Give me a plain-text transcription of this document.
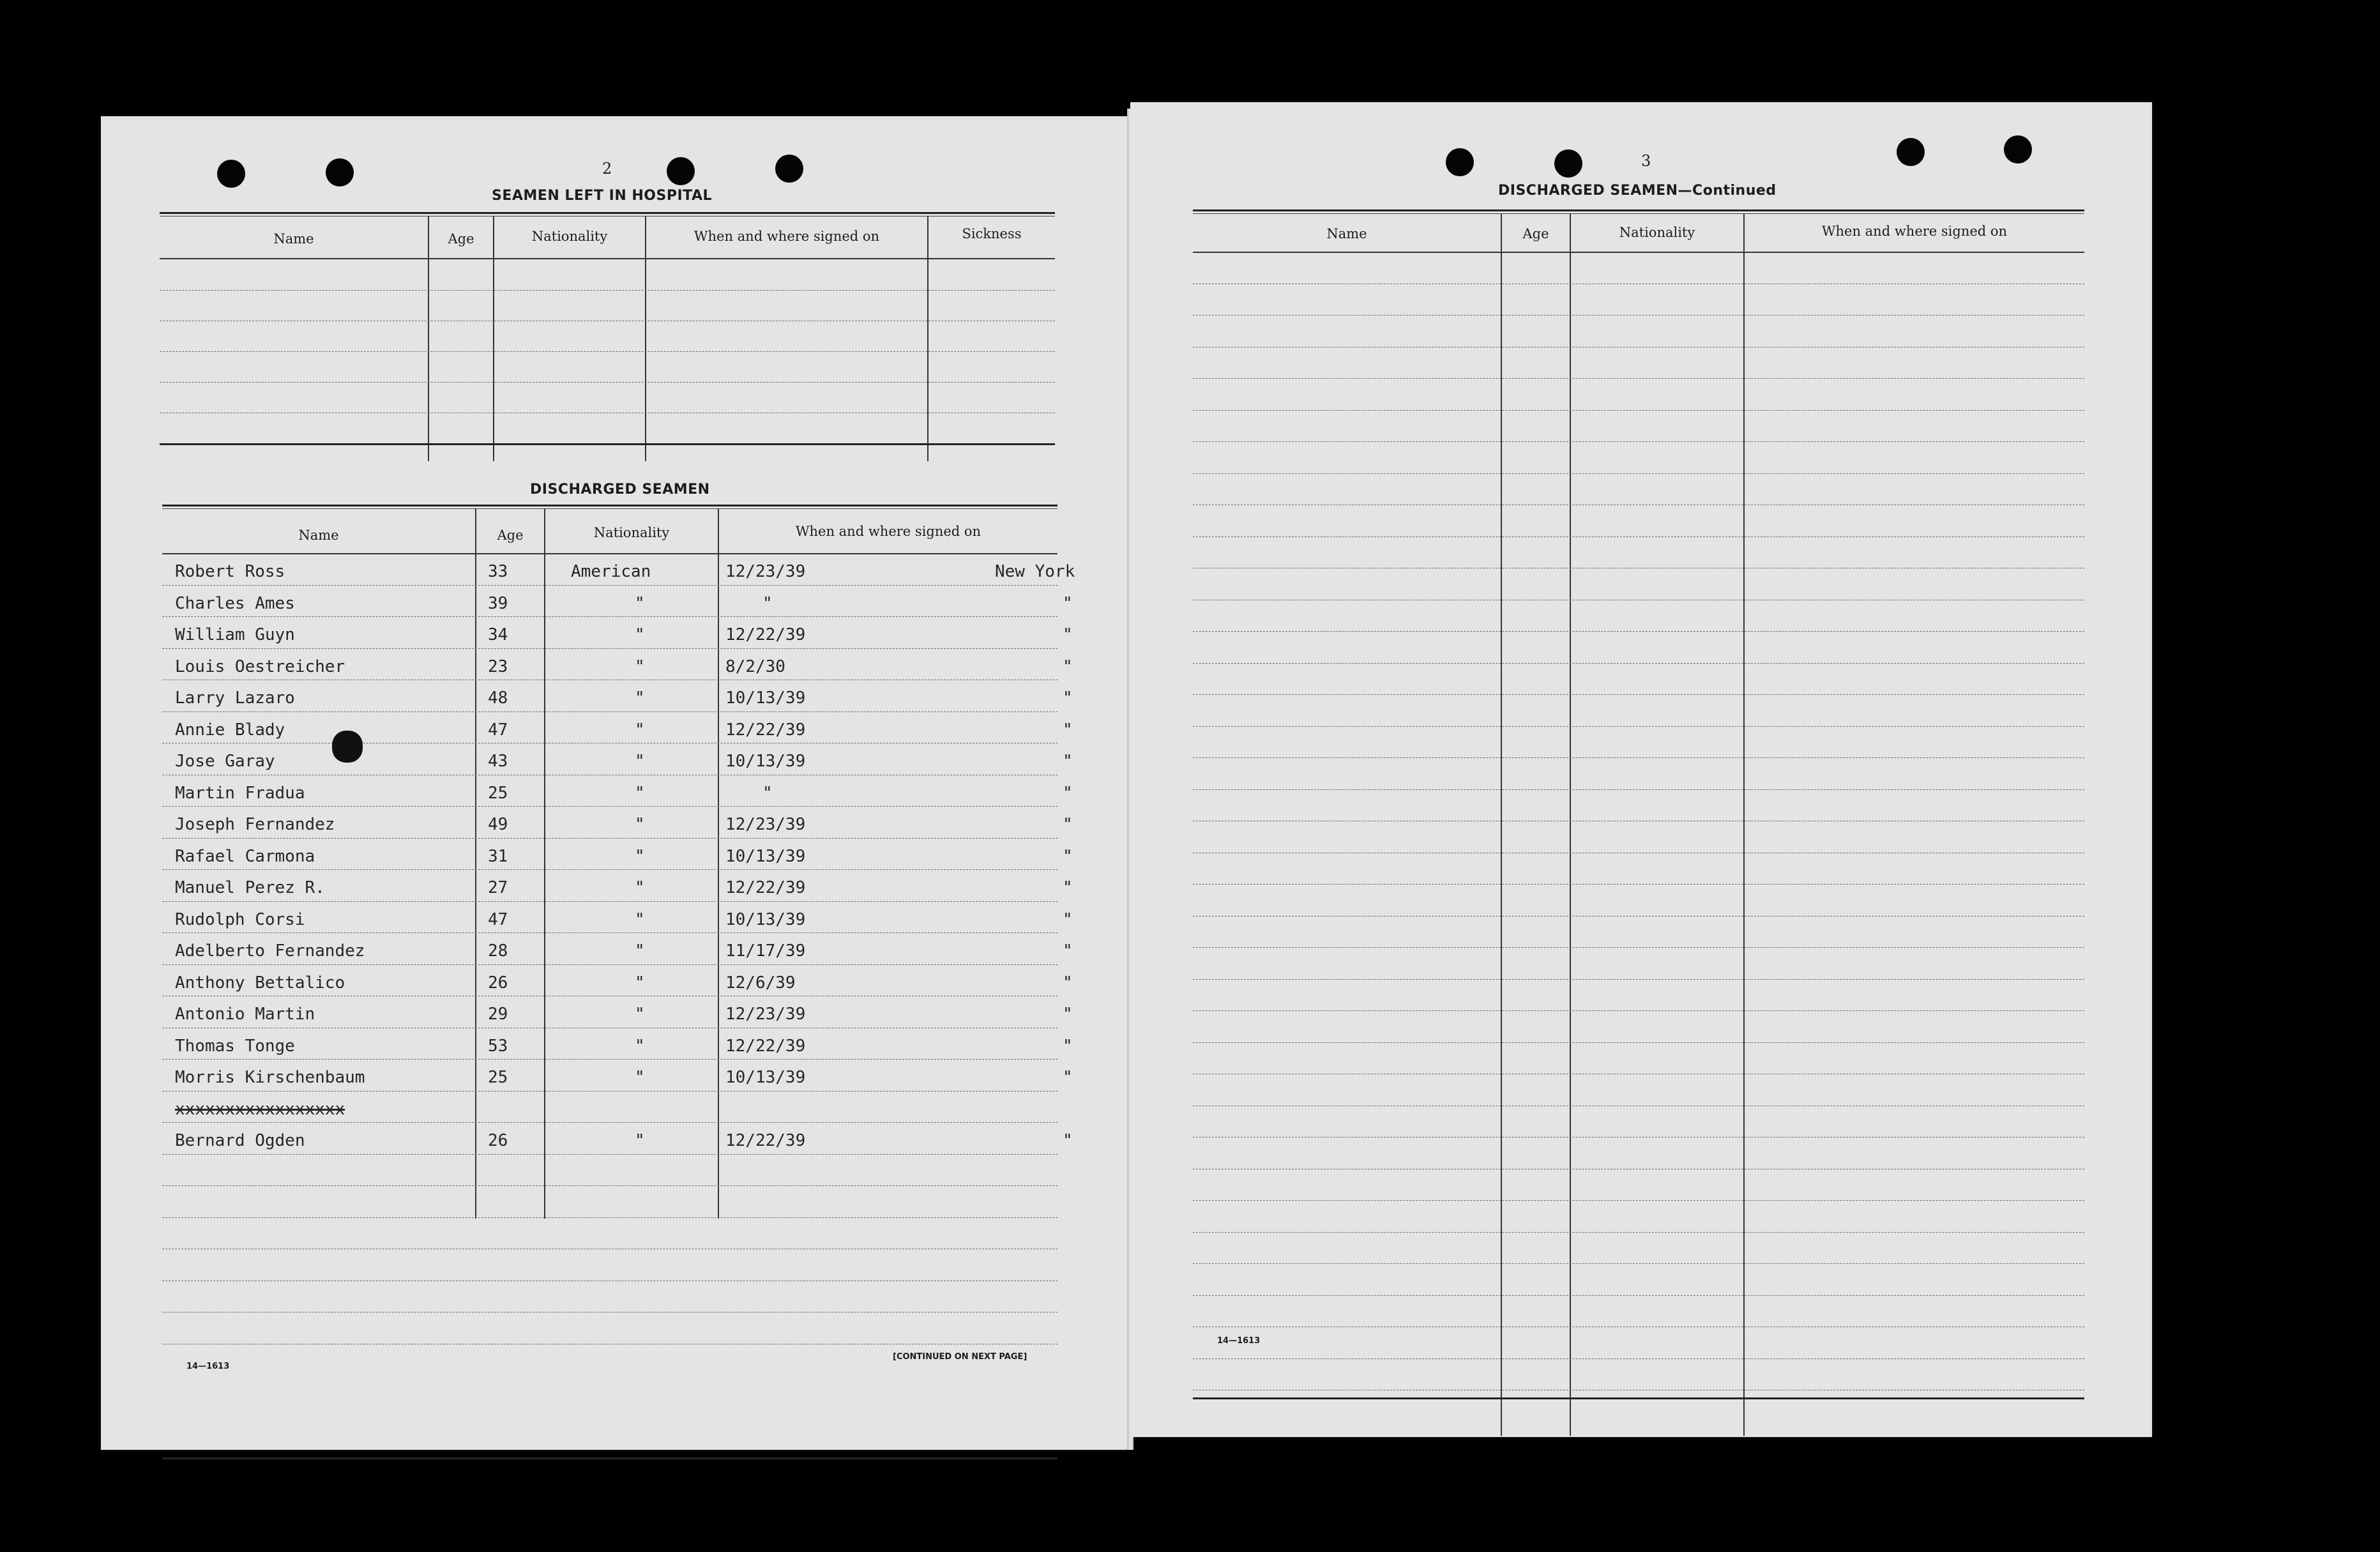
2
SEAMEN LEFT IN HOSPITAL
Name	Age	Nationality	When and where signed on	Sickness
DISCHARGED SEAMEN
Name	Age	Nationality	When and where signed on
Robert Ross	33	American	12/23/39	New York
Charles Ames	39	"	"	"
William Guyn	34	"	12/22/39	"
Louis Oestreicher	23	"	8/2/30	"
Larry Lazaro	48	"	10/13/39	"
Annie Blady	47	"	12/22/39	"
Jose Garay	43	"	10/13/39	"
Martin Fradua	25	"	"	"
Joseph Fernandez	49	"	12/23/39	"
Rafael Carmona	31	"	10/13/39	"
Manuel Perez R.	27	"	12/22/39	"
Rudolph Corsi	47	"	10/13/39	"
Adelberto Fernandez	28	"	11/17/39	"
Anthony Bettalico	26	"	12/6/39	"
Antonio Martin	29	"	12/23/39	"
Thomas Tonge	53	"	12/22/39	"
Morris Kirschenbaum	25	"	10/13/39	"
xxxxxxxxxxxxxxxxx
Bernard Ogden	26	"	12/22/39	"
14—1613
[CONTINUED ON NEXT PAGE]
3
DISCHARGED SEAMEN—Continued
Name	Age	Nationality	When and where signed on
14—1613
